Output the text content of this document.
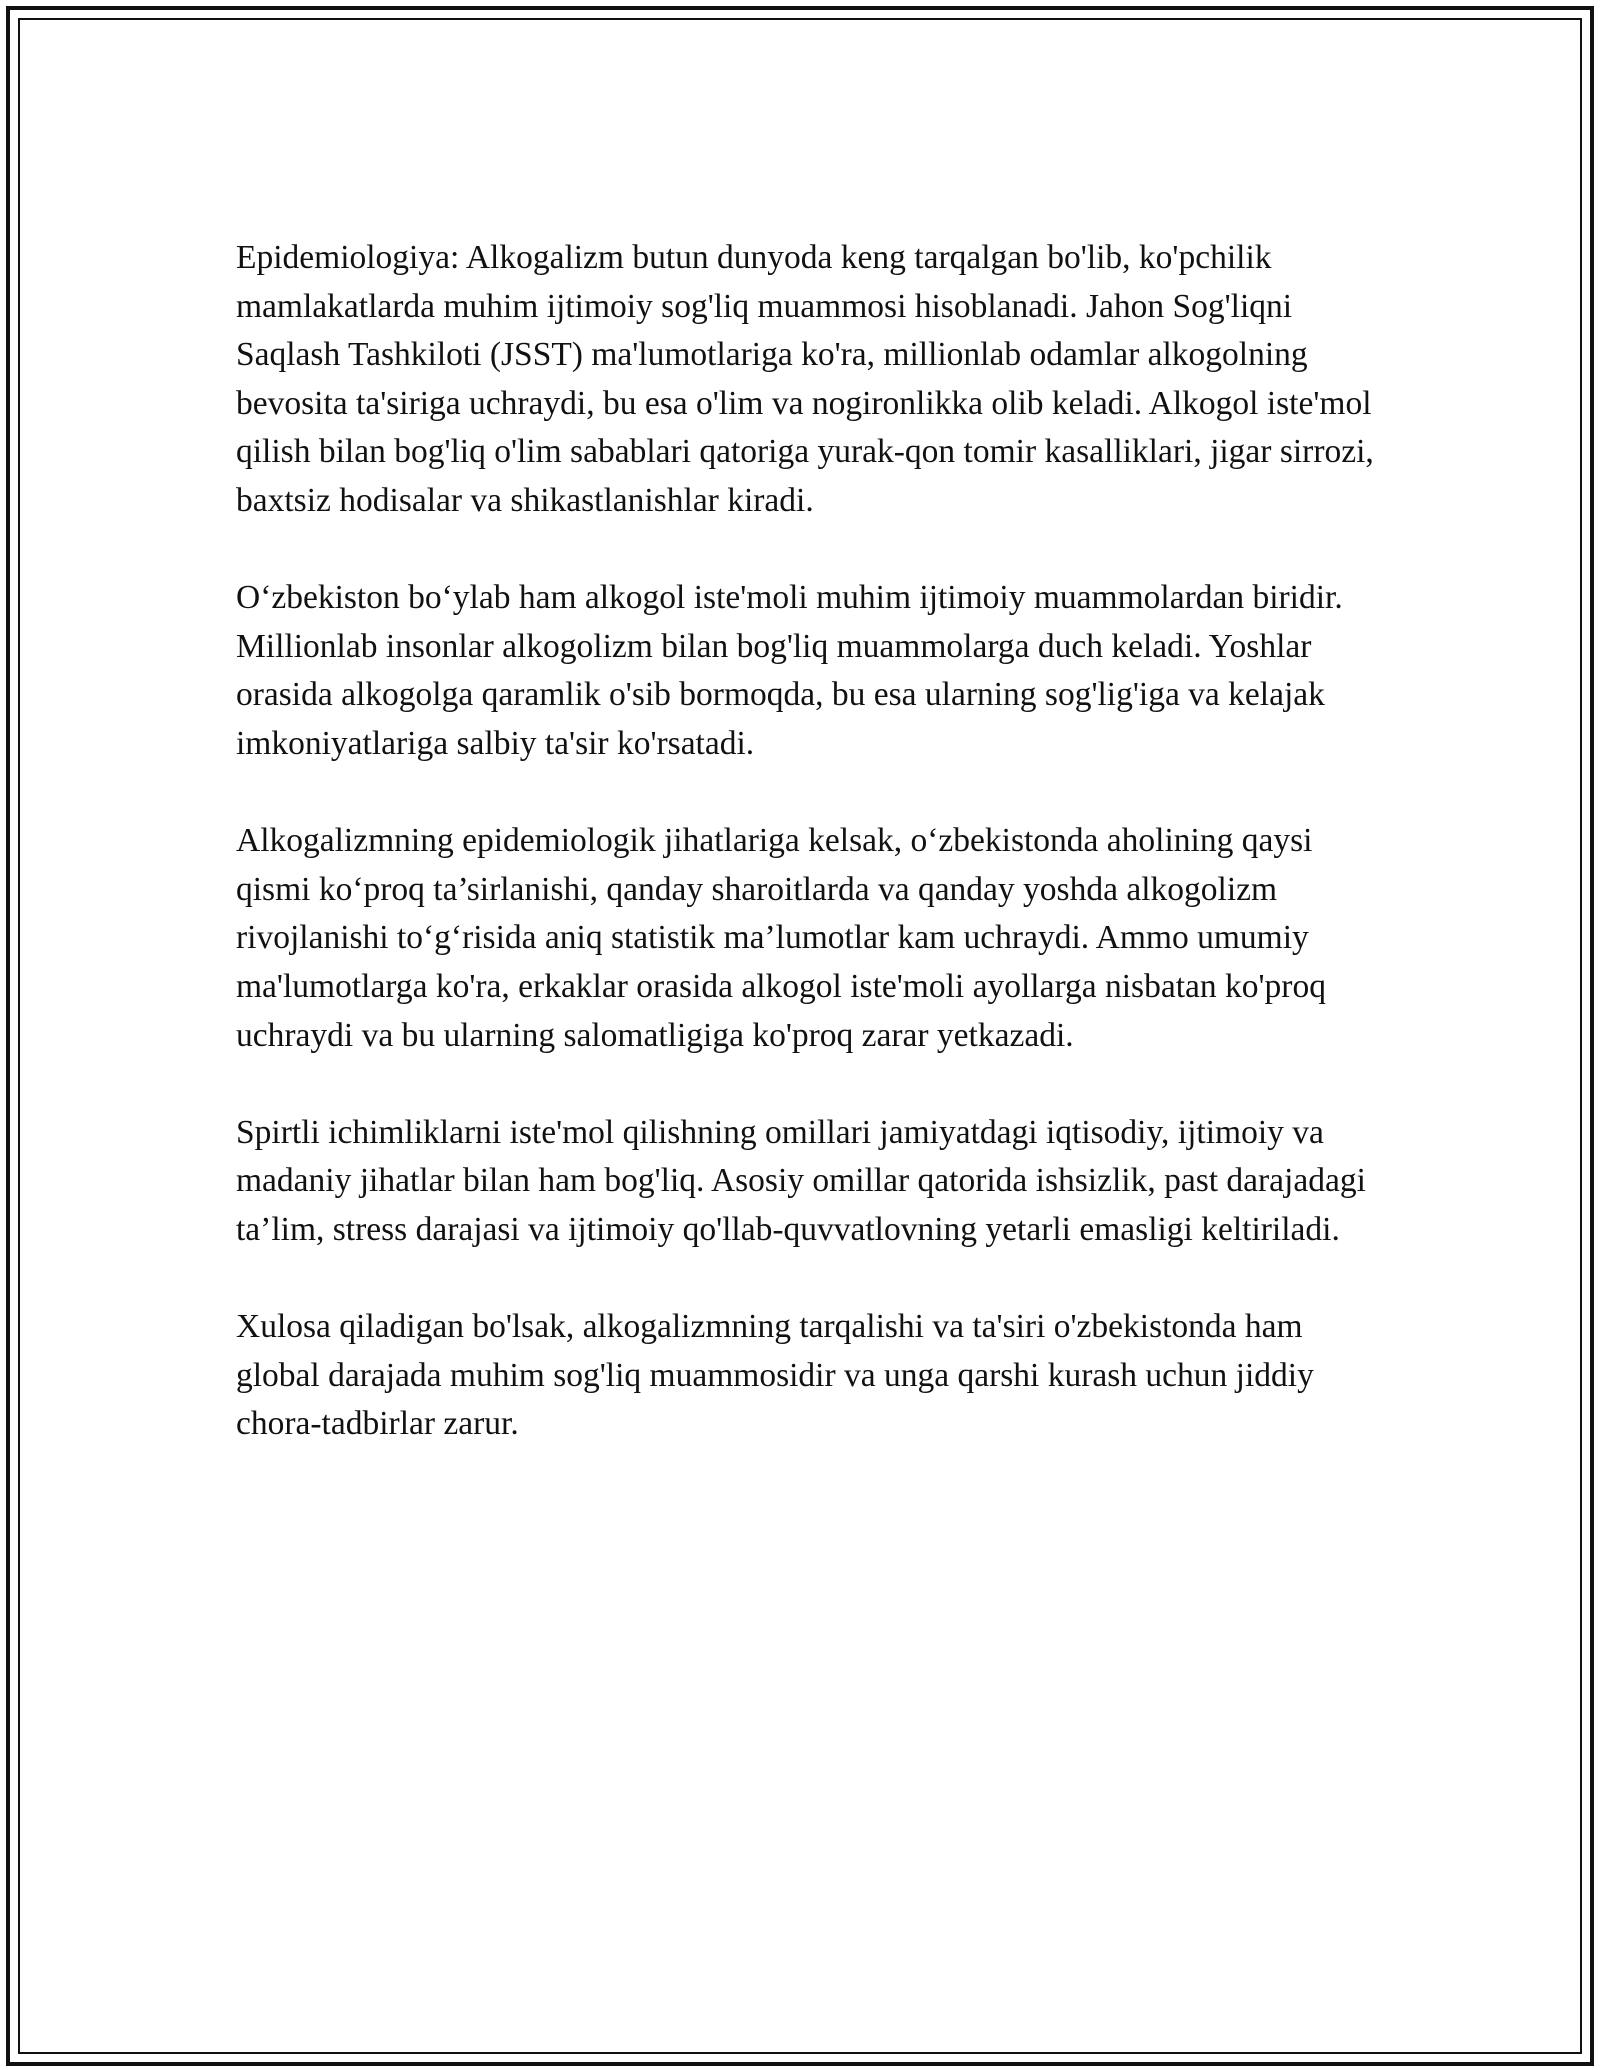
Epidemiologiya: Alkogalizm butun dunyoda keng tarqalgan bo'lib, ko'pchilik mamlakatlarda muhim ijtimoiy sog'liq muammosi hisoblanadi. Jahon Sog'liqni Saqlash Tashkiloti (JSST) ma'lumotlariga ko'ra, millionlab odamlar alkogolning bevosita ta'siriga uchraydi, bu esa o'lim va nogironlikka olib keladi. Alkogol iste'mol qilish bilan bog'liq o'lim sabablari qatoriga yurak-qon tomir kasalliklari, jigar sirrozi, baxtsiz hodisalar va shikastlanishlar kiradi.

O‘zbekiston bo‘ylab ham alkogol iste'moli muhim ijtimoiy muammolardan biridir. Millionlab insonlar alkogolizm bilan bog'liq muammolarga duch keladi. Yoshlar orasida alkogolga qaramlik o'sib bormoqda, bu esa ularning sog'lig'iga va kelajak imkoniyatlariga salbiy ta'sir ko'rsatadi.

Alkogalizmning epidemiologik jihatlariga kelsak, o‘zbekistonda aholining qaysi qismi ko‘proq ta’sirlanishi, qanday sharoitlarda va qanday yoshda alkogolizm rivojlanishi to‘g‘risida aniq statistik ma’lumotlar kam uchraydi. Ammo umumiy ma'lumotlarga ko'ra, erkaklar orasida alkogol iste'moli ayollarga nisbatan ko'proq uchraydi va bu ularning salomatligiga ko'proq zarar yetkazadi.

Spirtli ichimliklarni iste'mol qilishning omillari jamiyatdagi iqtisodiy, ijtimoiy va madaniy jihatlar bilan ham bog'liq. Asosiy omillar qatorida ishsizlik, past darajadagi ta’lim, stress darajasi va ijtimoiy qo'llab-quvvatlovning yetarli emasligi keltiriladi.

Xulosa qiladigan bo'lsak, alkogalizmning tarqalishi va ta'siri o'zbekistonda ham global darajada muhim sog'liq muammosidir va unga qarshi kurash uchun jiddiy chora-tadbirlar zarur.
